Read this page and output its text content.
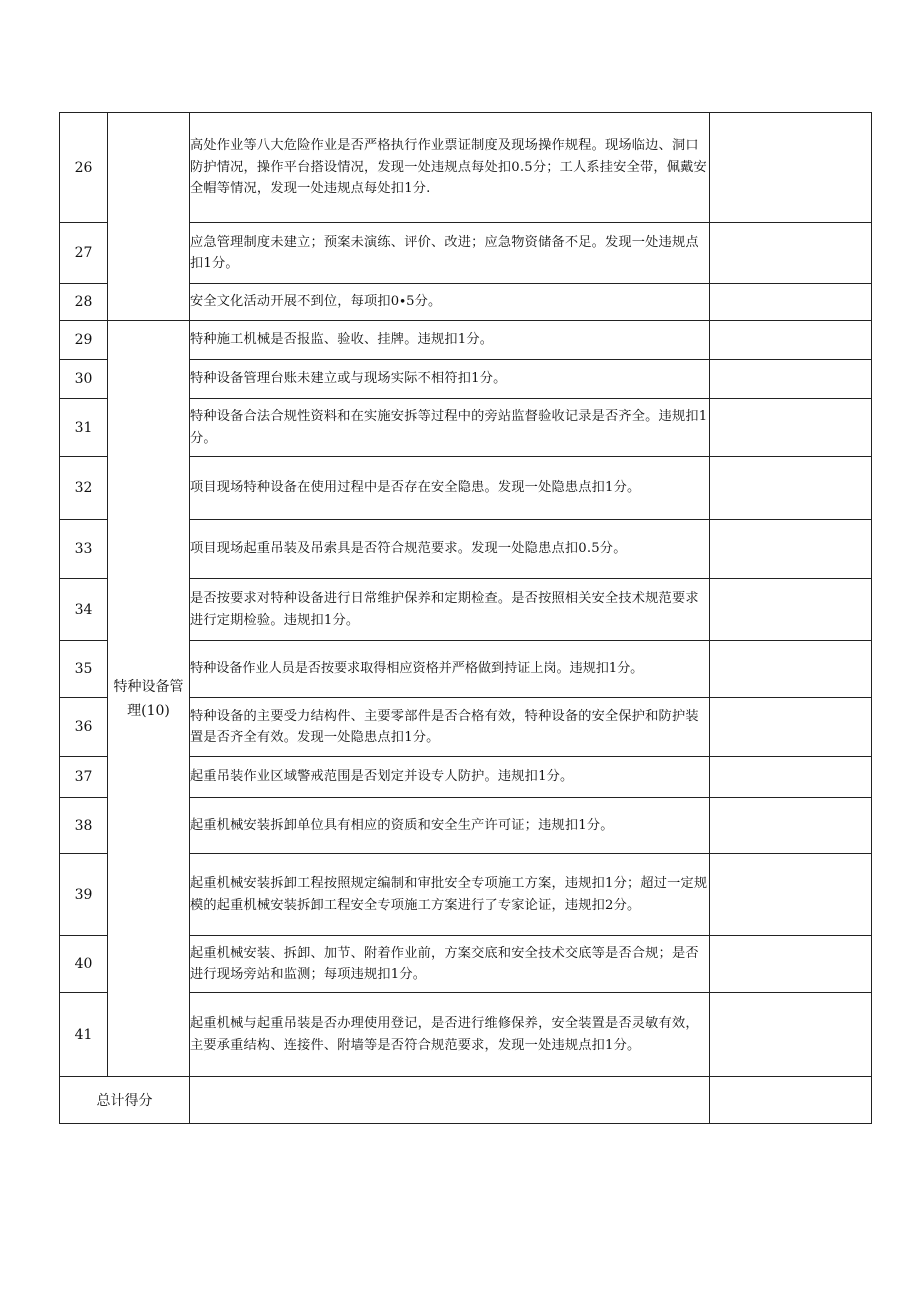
26		高处作业等八大危险作业是否严格执行作业票证制度及现场操作规程。现场临边、洞口防护情况，操作平台搭设情况，发现一处违规点每处扣0.5分；工人系挂安全带，佩戴安全帽等情况，发现一处违规点每处扣1分.	

27		应急管理制度未建立；预案未演练、评价、改进；应急物资储备不足。发现一处违规点扣1分。	

28		安全文化活动开展不到位，每项扣0∙5分。	

29	特种设备管理(10)	特种施工机械是否报监、验收、挂牌。违规扣1分。	

30		特种设备管理台账未建立或与现场实际不相符扣1分。	

31		特种设备合法合规性资料和在实施安拆等过程中的旁站监督验收记录是否齐全。违规扣1分。	

32		项目现场特种设备在使用过程中是否存在安全隐患。发现一处隐患点扣1分。	

33		项目现场起重吊装及吊索具是否符合规范要求。发现一处隐患点扣0.5分。	

34		是否按要求对特种设备进行日常维护保养和定期检查。是否按照相关安全技术规范要求进行定期检验。违规扣1分。	

35		特种设备作业人员是否按要求取得相应资格并严格做到持证上岗。违规扣1分。	

36		特种设备的主要受力结构件、主要零部件是否合格有效，特种设备的安全保护和防护装置是否齐全有效。发现一处隐患点扣1分。	

37		起重吊装作业区域警戒范围是否划定并设专人防护。违规扣1分。	

38		起重机械安装拆卸单位具有相应的资质和安全生产许可证；违规扣1分。	

39		起重机械安装拆卸工程按照规定编制和审批安全专项施工方案，违规扣1分；超过一定规模的起重机械安装拆卸工程安全专项施工方案进行了专家论证，违规扣2分。	

40		起重机械安装、拆卸、加节、附着作业前，方案交底和安全技术交底等是否合规；是否进行现场旁站和监测；每项违规扣1分。	

41		起重机械与起重吊装是否办理使用登记，是否进行维修保养，安全装置是否灵敏有效，主要承重结构、连接件、附墙等是否符合规范要求，发现一处违规点扣1分。	

总计得分			
